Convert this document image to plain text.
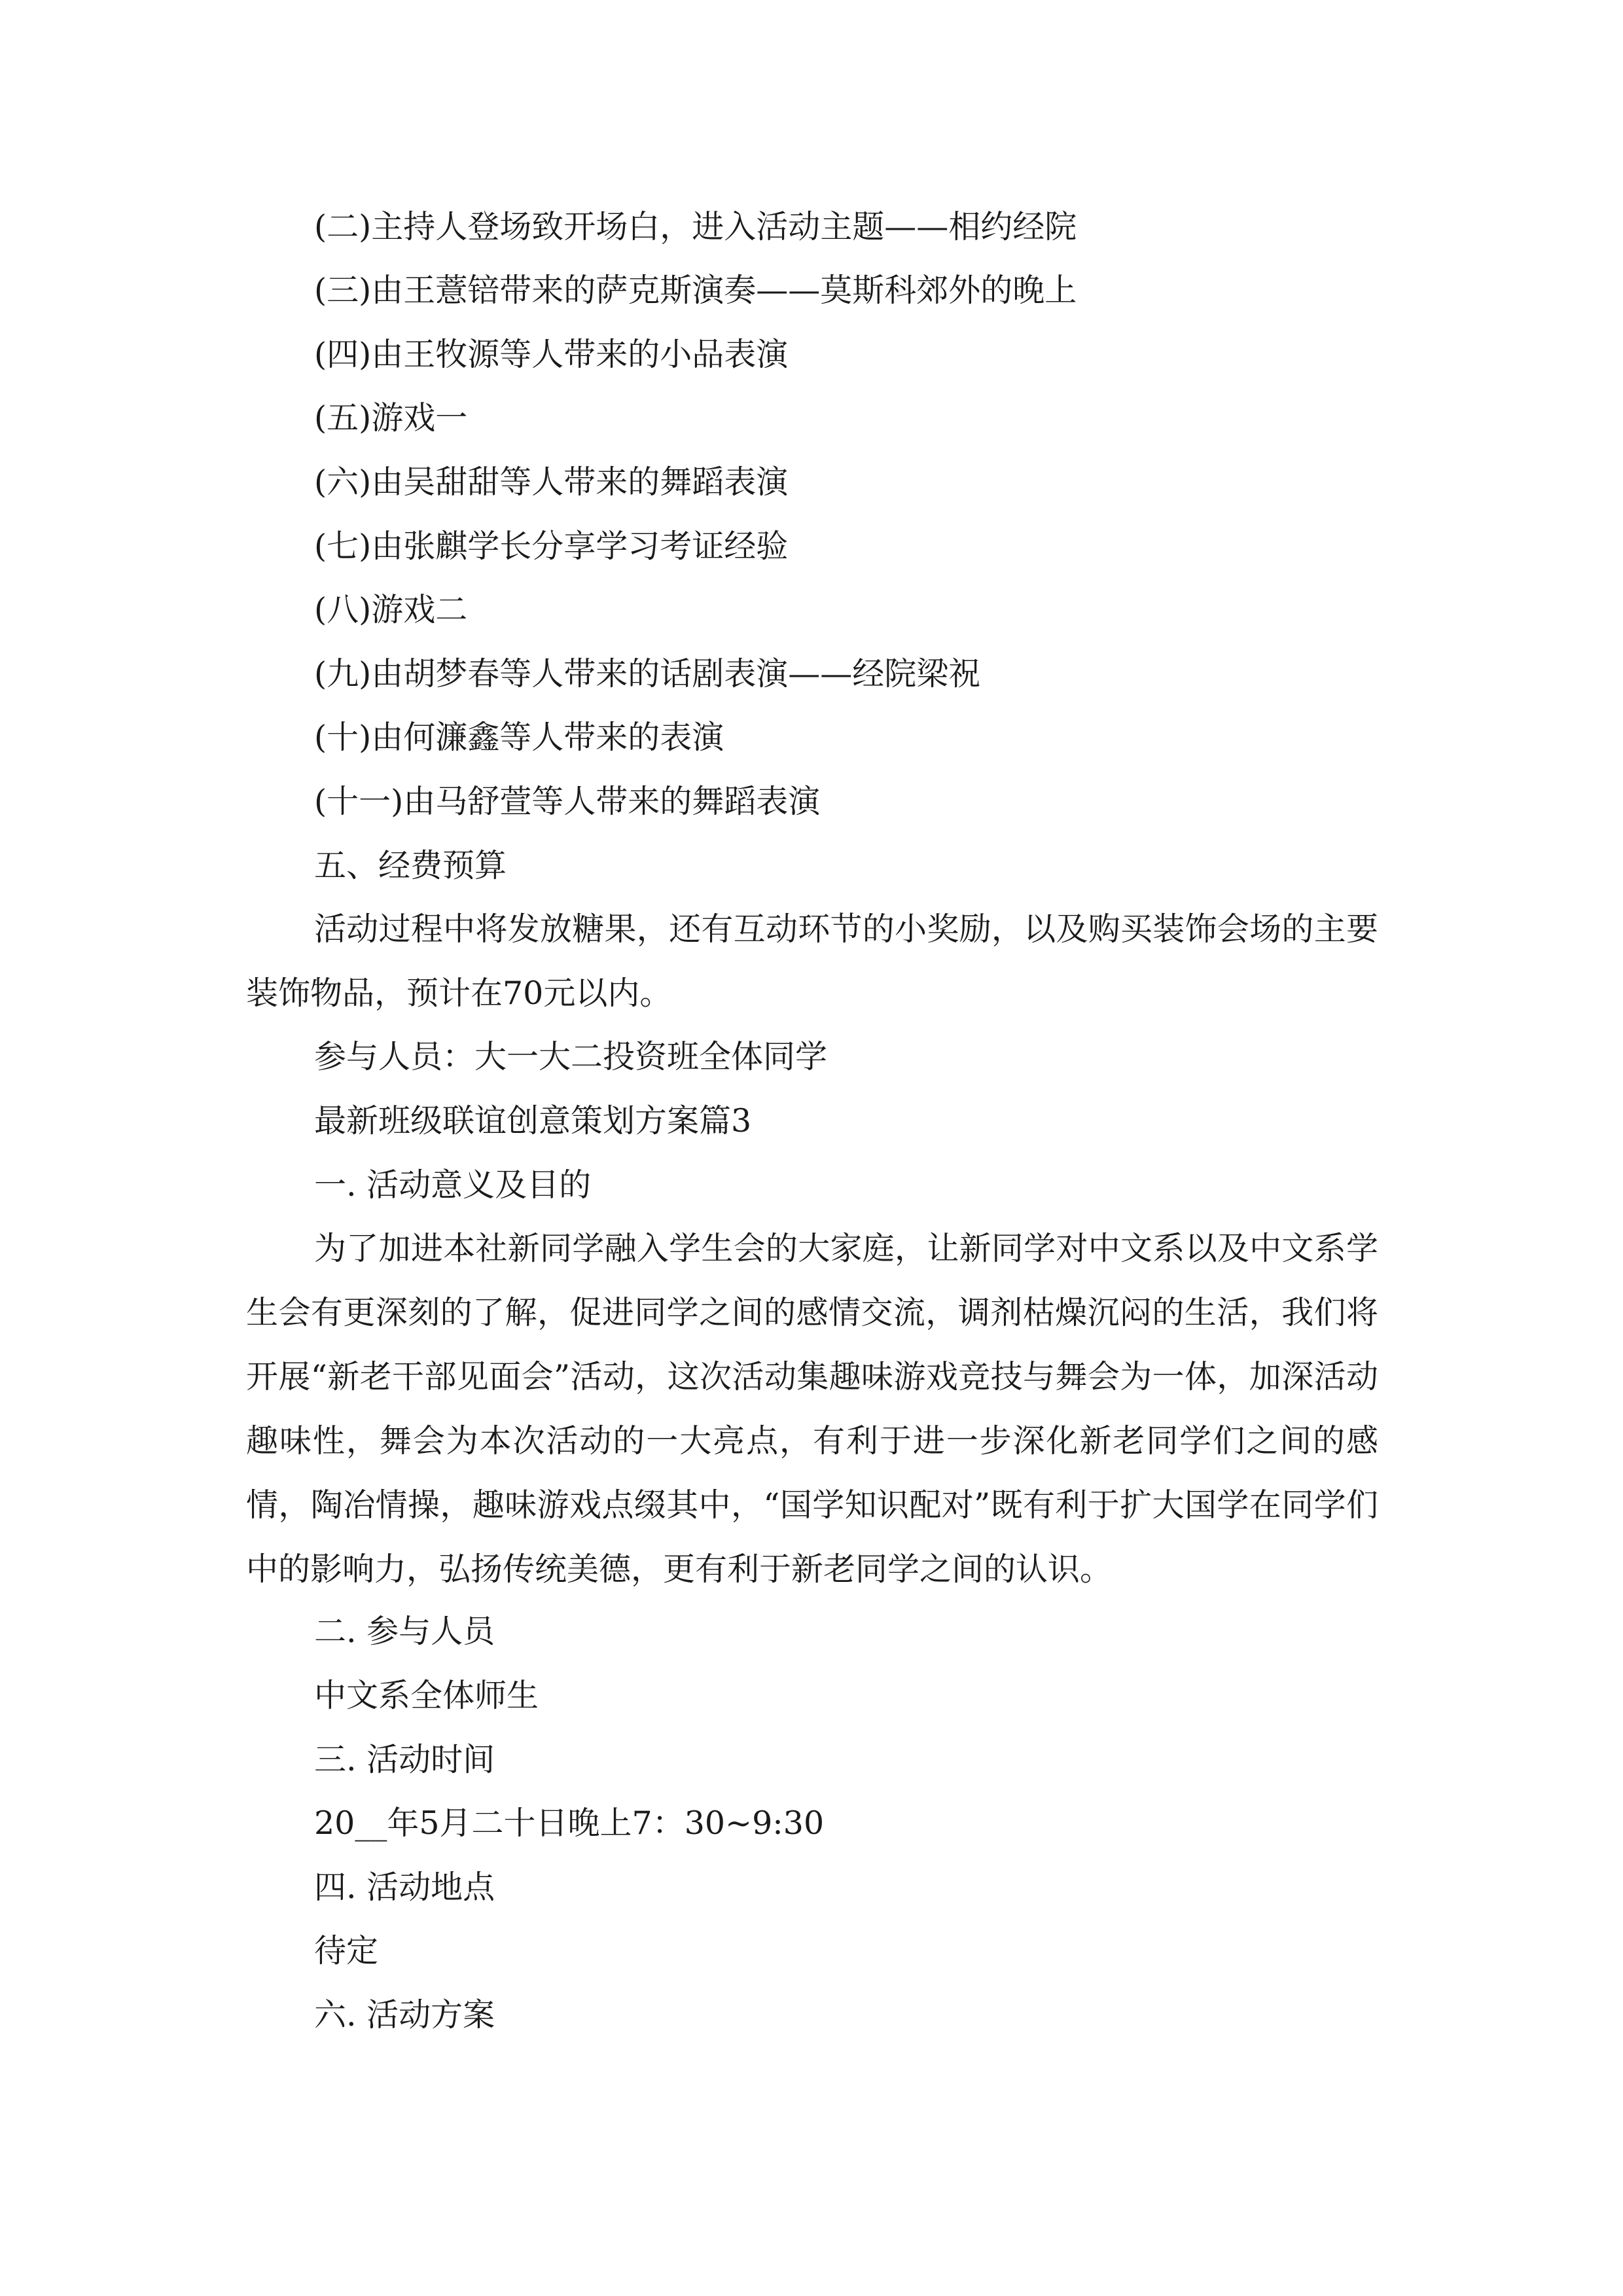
(二)主持人登场致开场白，进入活动主题——相约经院
(三)由王薏锫带来的萨克斯演奏——莫斯科郊外的晚上
(四)由王牧源等人带来的小品表演
(五)游戏一
(六)由吴甜甜等人带来的舞蹈表演
(七)由张麒学长分享学习考证经验
(八)游戏二
(九)由胡梦春等人带来的话剧表演——经院梁祝
(十)由何濂鑫等人带来的表演
(十一)由马舒萱等人带来的舞蹈表演
五、经费预算
活动过程中将发放糖果，还有互动环节的小奖励，以及购买装饰会场的主要装饰物品，预计在70元以内。
参与人员：大一大二投资班全体同学
最新班级联谊创意策划方案篇3
一. 活动意义及目的
为了加进本社新同学融入学生会的大家庭，让新同学对中文系以及中文系学生会有更深刻的了解，促进同学之间的感情交流，调剂枯燥沉闷的生活，我们将开展“新老干部见面会”活动，这次活动集趣味游戏竞技与舞会为一体，加深活动趣味性，舞会为本次活动的一大亮点，有利于进一步深化新老同学们之间的感情，陶冶情操，趣味游戏点缀其中，“国学知识配对”既有利于扩大国学在同学们中的影响力，弘扬传统美德，更有利于新老同学之间的认识。
二. 参与人员
中文系全体师生
三. 活动时间
20__年5月二十日晚上7：30~9:30
四. 活动地点
待定
六. 活动方案
